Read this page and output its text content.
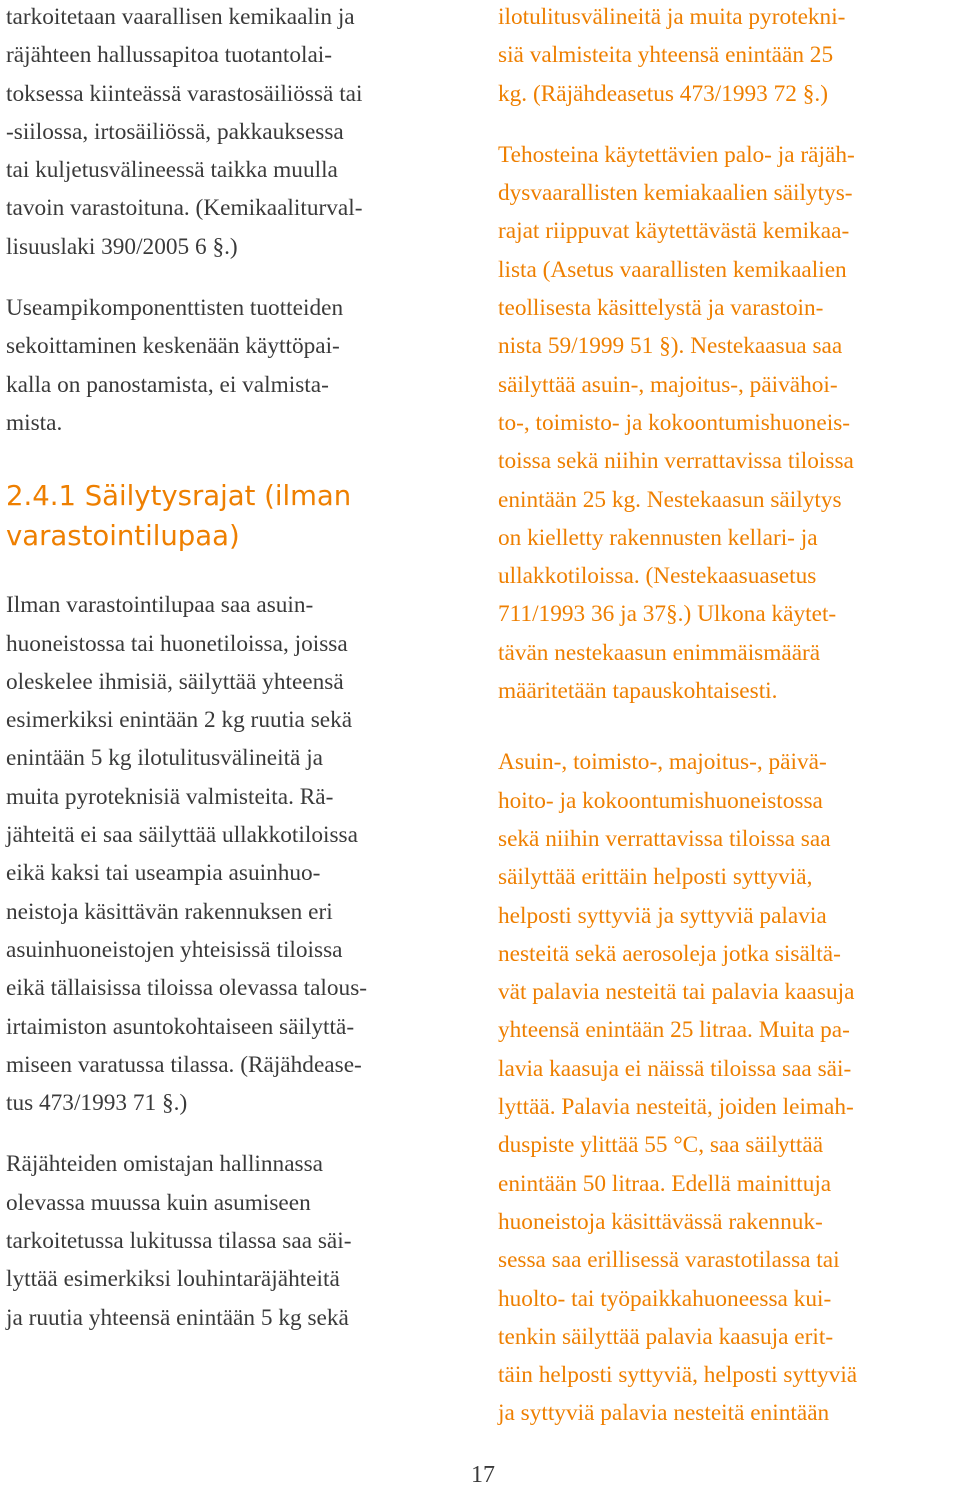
tarkoitetaan vaarallisen kemikaalin ja
räjähteen hallussapitoa tuotantolai-
toksessa kiinteässä varastosäiliössä tai
-siilossa, irtosäiliössä, pakkauksessa
tai kuljetusvälineessä taikka muulla
tavoin varastoituna. (Kemikaaliturval-
lisuuslaki 390/2005 6 §.)

Useampikomponenttisten tuotteiden
sekoittaminen keskenään käyttöpai-
kalla on panostamista, ei valmista-
mista.

2.4.1 Säilytysrajat (ilman
varastointilupaa)

Ilman varastointilupaa saa asuin-
huoneistossa tai huonetiloissa, joissa
oleskelee ihmisiä, säilyttää yhteensä
esimerkiksi enintään 2 kg ruutia sekä
enintään 5 kg ilotulitusvälineitä ja
muita pyroteknisiä valmisteita. Rä-
jähteitä ei saa säilyttää ullakkotiloissa
eikä kaksi tai useampia asuinhuo-
neistoja käsittävän rakennuksen eri
asuinhuoneistojen yhteisissä tiloissa
eikä tällaisissa tiloissa olevassa talous-
irtaimiston asuntokohtaiseen säilyttä-
miseen varatussa tilassa. (Räjähdease-
tus 473/1993 71 §.)

Räjähteiden omistajan hallinnassa
olevassa muussa kuin asumiseen
tarkoitetussa lukitussa tilassa saa säi-
lyttää esimerkiksi louhintaräjähteitä
ja ruutia yhteensä enintään 5 kg sekä

ilotulitusvälineitä ja muita pyrotekni-
siä valmisteita yhteensä enintään 25
kg. (Räjähdeasetus 473/1993 72 §.)

Tehosteina käytettävien palo- ja räjäh-
dysvaarallisten kemiakaalien säilytys-
rajat riippuvat käytettävästä kemikaa-
lista (Asetus vaarallisten kemikaalien
teollisesta käsittelystä ja varastoin-
nista 59/1999 51 §). Nestekaasua saa
säilyttää asuin-, majoitus-, päivähoi-
to-, toimisto- ja kokoontumishuoneis-
toissa sekä niihin verrattavissa tiloissa
enintään 25 kg. Nestekaasun säilytys
on kielletty rakennusten kellari- ja
ullakkotiloissa. (Nestekaasuasetus
711/1993 36 ja 37§.) Ulkona käytet-
tävän nestekaasun enimmäismäärä
määritetään tapauskohtaisesti.

Asuin-, toimisto-, majoitus-, päivä-
hoito- ja kokoontumishuoneistossa
sekä niihin verrattavissa tiloissa saa
säilyttää erittäin helposti syttyviä,
helposti syttyviä ja syttyviä palavia
nesteitä sekä aerosoleja jotka sisältä-
vät palavia nesteitä tai palavia kaasuja
yhteensä enintään 25 litraa. Muita pa-
lavia kaasuja ei näissä tiloissa saa säi-
lyttää. Palavia nesteitä, joiden leimah-
duspiste ylittää 55 °C, saa säilyttää
enintään 50 litraa. Edellä mainittuja
huoneistoja käsittävässä rakennuk-
sessa saa erillisessä varastotilassa tai
huolto- tai työpaikkahuoneessa kui-
tenkin säilyttää palavia kaasuja erit-
täin helposti syttyviä, helposti syttyviä
ja syttyviä palavia nesteitä enintään

17
